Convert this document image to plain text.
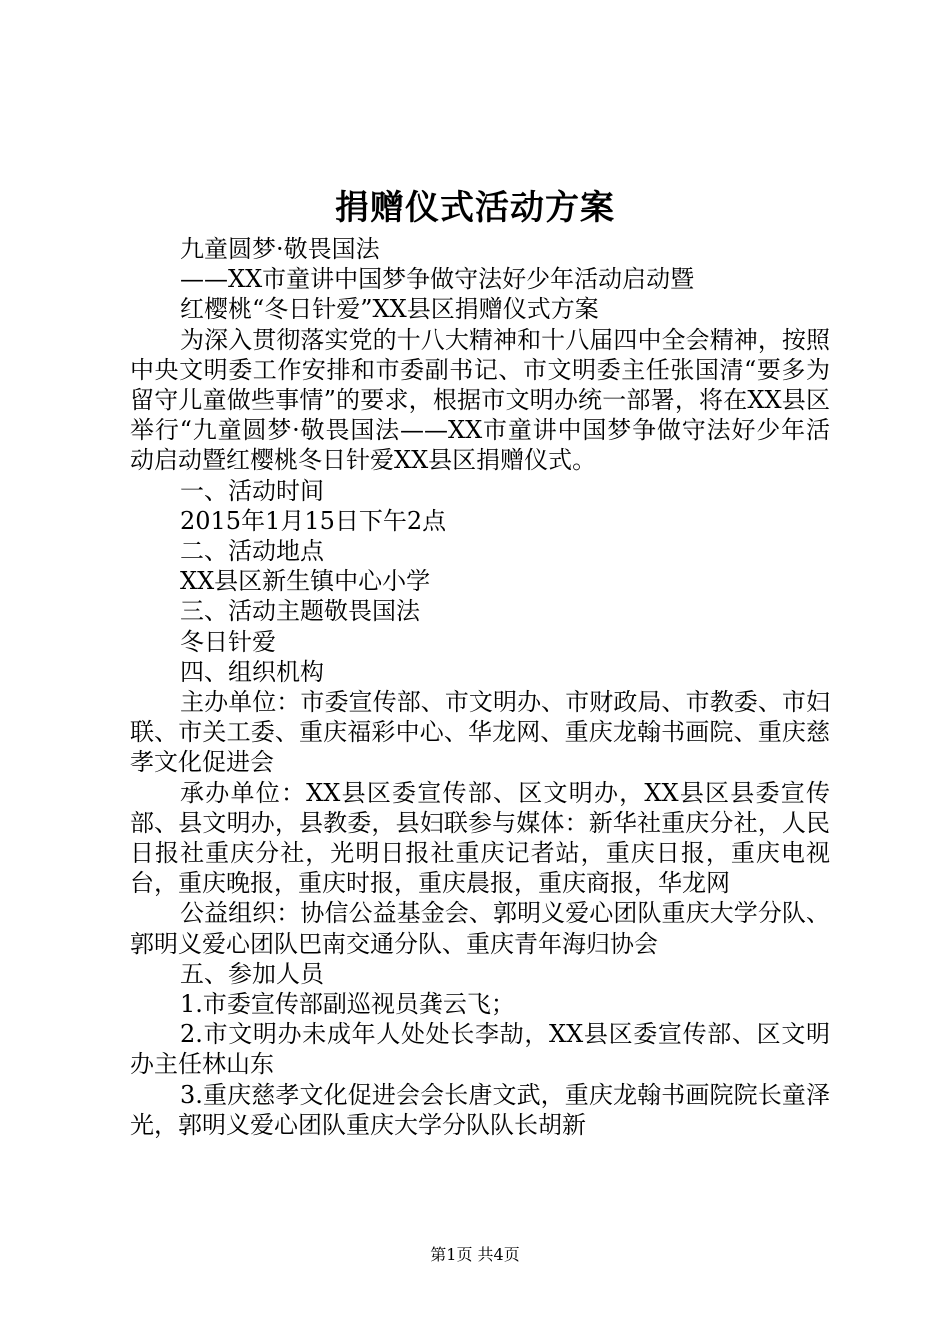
捐赠仪式活动方案

九童圆梦·敬畏国法

——XX市童讲中国梦争做守法好少年活动启动暨

红樱桃“冬日针爱”XX县区捐赠仪式方案

为深入贯彻落实党的十八大精神和十八届四中全会精神，按照中央文明委工作安排和市委副书记、市文明委主任张国清“要多为留守儿童做些事情”的要求，根据市文明办统一部署，将在XX县区举行“九童圆梦·敬畏国法——XX市童讲中国梦争做守法好少年活动启动暨红樱桃冬日针爱XX县区捐赠仪式。

一、活动时间

2015年1月15日下午2点

二、活动地点

XX县区新生镇中心小学

三、活动主题敬畏国法

冬日针爱

四、组织机构

主办单位：市委宣传部、市文明办、市财政局、市教委、市妇联、市关工委、重庆福彩中心、华龙网、重庆龙翰书画院、重庆慈孝文化促进会

承办单位：XX县区委宣传部、区文明办，XX县区县委宣传部、县文明办，县教委，县妇联参与媒体：新华社重庆分社，人民日报社重庆分社，光明日报社重庆记者站，重庆日报，重庆电视台，重庆晚报，重庆时报，重庆晨报，重庆商报，华龙网

公益组织：协信公益基金会、郭明义爱心团队重庆大学分队、郭明义爱心团队巴南交通分队、重庆青年海归协会

五、参加人员

1.市委宣传部副巡视员龚云飞；

2.市文明办未成年人处处长李劼，XX县区委宣传部、区文明办主任林山东

3.重庆慈孝文化促进会会长唐文武，重庆龙翰书画院院长童泽光，郭明义爱心团队重庆大学分队队长胡新

第1页 共4页
